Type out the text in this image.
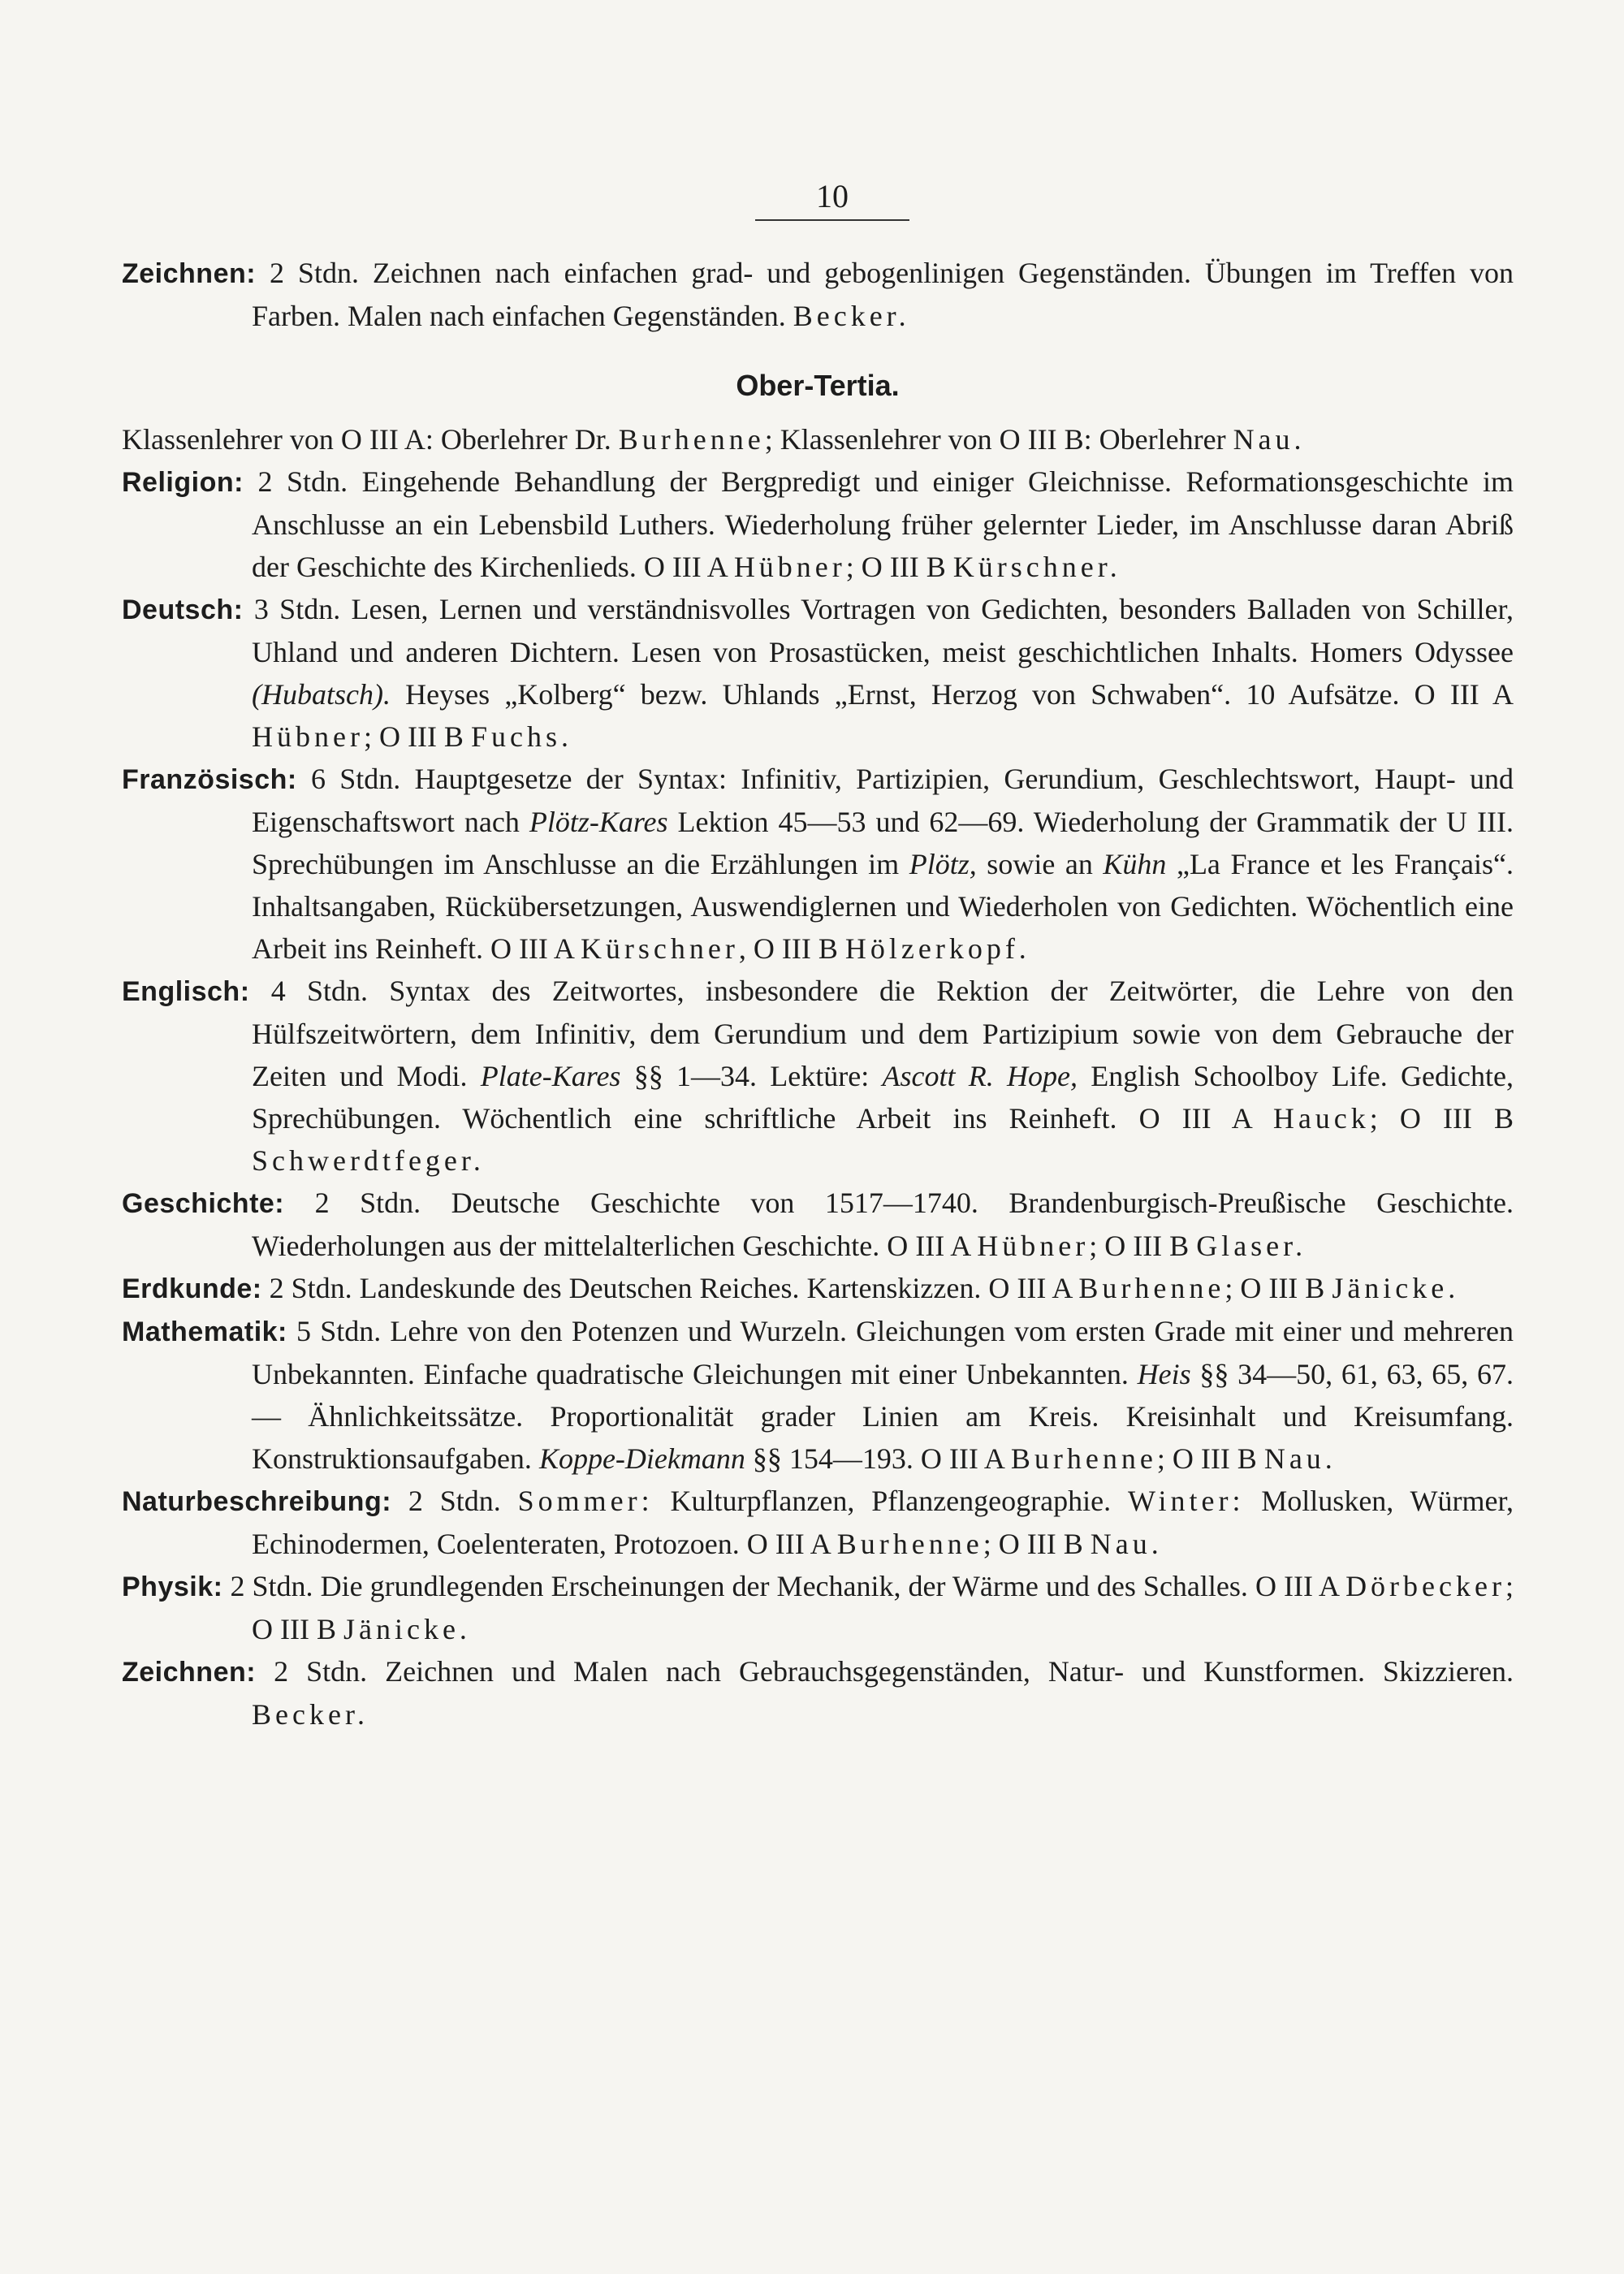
10

Zeichnen: 2 Stdn. Zeichnen nach einfachen grad- und gebogenlinigen Gegenständen. Übungen im Treffen von Farben. Malen nach einfachen Gegenständen. Becker.

Ober-Tertia.

Klassenlehrer von O III A: Oberlehrer Dr. Burhenne; Klassenlehrer von O III B: Oberlehrer Nau.

Religion: 2 Stdn. Eingehende Behandlung der Bergpredigt und einiger Gleichnisse. Reformationsgeschichte im Anschlusse an ein Lebensbild Luthers. Wiederholung früher gelernter Lieder, im Anschlusse daran Abriß der Geschichte des Kirchenlieds. O III A Hübner; O III B Kürschner.

Deutsch: 3 Stdn. Lesen, Lernen und verständnisvolles Vortragen von Gedichten, besonders Balladen von Schiller, Uhland und anderen Dichtern. Lesen von Prosastücken, meist geschichtlichen Inhalts. Homers Odyssee (Hubatsch). Heyses „Kolberg“ bezw. Uhlands „Ernst, Herzog von Schwaben“. 10 Aufsätze. O III A Hübner; O III B Fuchs.

Französisch: 6 Stdn. Hauptgesetze der Syntax: Infinitiv, Partizipien, Gerundium, Geschlechtswort, Haupt- und Eigenschaftswort nach Plötz-Kares Lektion 45—53 und 62—69. Wiederholung der Grammatik der U III. Sprechübungen im Anschlusse an die Erzählungen im Plötz, sowie an Kühn „La France et les Français“. Inhaltsangaben, Rückübersetzungen, Auswendiglernen und Wiederholen von Gedichten. Wöchentlich eine Arbeit ins Reinheft. O III A Kürschner, O III B Hölzerkopf.

Englisch: 4 Stdn. Syntax des Zeitwortes, insbesondere die Rektion der Zeitwörter, die Lehre von den Hülfszeitwörtern, dem Infinitiv, dem Gerundium und dem Partizipium sowie von dem Gebrauche der Zeiten und Modi. Plate-Kares §§ 1—34. Lektüre: Ascott R. Hope, English Schoolboy Life. Gedichte, Sprechübungen. Wöchentlich eine schriftliche Arbeit ins Reinheft. O III A Hauck; O III B Schwerdtfeger.

Geschichte: 2 Stdn. Deutsche Geschichte von 1517—1740. Brandenburgisch-Preußische Geschichte. Wiederholungen aus der mittelalterlichen Geschichte. O III A Hübner; O III B Glaser.

Erdkunde: 2 Stdn. Landeskunde des Deutschen Reiches. Kartenskizzen. O III A Burhenne; O III B Jänicke.

Mathematik: 5 Stdn. Lehre von den Potenzen und Wurzeln. Gleichungen vom ersten Grade mit einer und mehreren Unbekannten. Einfache quadratische Gleichungen mit einer Unbekannten. Heis §§ 34—50, 61, 63, 65, 67. — Ähnlichkeitssätze. Proportionalität grader Linien am Kreis. Kreisinhalt und Kreisumfang. Konstruktionsaufgaben. Koppe-Diekmann §§ 154—193. O III A Burhenne; O III B Nau.

Naturbeschreibung: 2 Stdn. Sommer: Kulturpflanzen, Pflanzengeographie. Winter: Mollusken, Würmer, Echinodermen, Coelenteraten, Protozoen. O III A Burhenne; O III B Nau.

Physik: 2 Stdn. Die grundlegenden Erscheinungen der Mechanik, der Wärme und des Schalles. O III A Dörbecker; O III B Jänicke.

Zeichnen: 2 Stdn. Zeichnen und Malen nach Gebrauchsgegenständen, Natur- und Kunstformen. Skizzieren. Becker.
